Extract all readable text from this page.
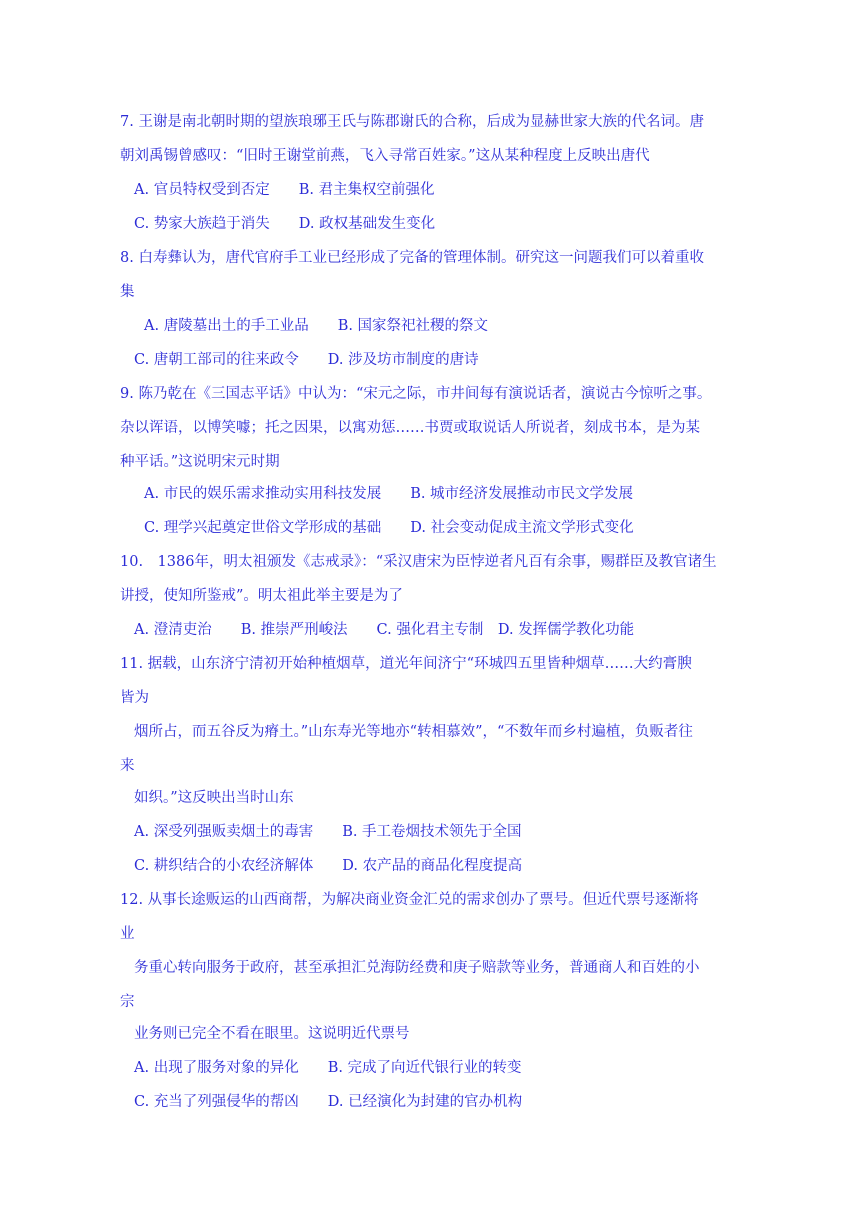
7. 王谢是南北朝时期的望族琅琊王氏与陈郡谢氏的合称，后成为显赫世家大族的代名词。唐
朝刘禹锡曾感叹：“旧时王谢堂前燕，飞入寻常百姓家。”这从某种程度上反映出唐代
A. 官员特权受到否定　　B. 君主集权空前强化
C. 势家大族趋于消失　　D. 政权基础发生变化
8. 白寿彝认为，唐代官府手工业已经形成了完备的管理体制。研究这一问题我们可以着重收
集
A. 唐陵墓出土的手工业品　　B. 国家祭祀社稷的祭文
C. 唐朝工部司的往来政令　　D. 涉及坊市制度的唐诗
9. 陈乃乾在《三国志平话》中认为：“宋元之际，市井间每有演说话者，演说古今惊听之事。
杂以诨语，以博笑噱；托之因果，以寓劝惩……书贾或取说话人所说者，刻成书本，是为某
种平话。”这说明宋元时期
A. 市民的娱乐需求推动实用科技发展　　B. 城市经济发展推动市民文学发展
C. 理学兴起奠定世俗文学形成的基础　　D. 社会变动促成主流文学形式变化
10.　1386年，明太祖颁发《志戒录》：“采汉唐宋为臣悖逆者凡百有余事，赐群臣及教官诸生
讲授，使知所鉴戒”。明太祖此举主要是为了
A. 澄清吏治　　B. 推崇严刑峻法　　C. 强化君主专制　D. 发挥儒学教化功能
11. 据载，山东济宁清初开始种植烟草，道光年间济宁“环城四五里皆种烟草……大约膏腴
皆为
烟所占，而五谷反为瘠土。”山东寿光等地亦“转相慕效”，“不数年而乡村遍植，负贩者往
来
如织。”这反映出当时山东
A. 深受列强贩卖烟土的毒害　　B. 手工卷烟技术领先于全国
C. 耕织结合的小农经济解体　　D. 农产品的商品化程度提高
12. 从事长途贩运的山西商帮，为解决商业资金汇兑的需求创办了票号。但近代票号逐渐将
业
务重心转向服务于政府，甚至承担汇兑海防经费和庚子赔款等业务，普通商人和百姓的小
宗
业务则已完全不看在眼里。这说明近代票号
A. 出现了服务对象的异化　　B. 完成了向近代银行业的转变
C. 充当了列强侵华的帮凶　　D. 已经演化为封建的官办机构
